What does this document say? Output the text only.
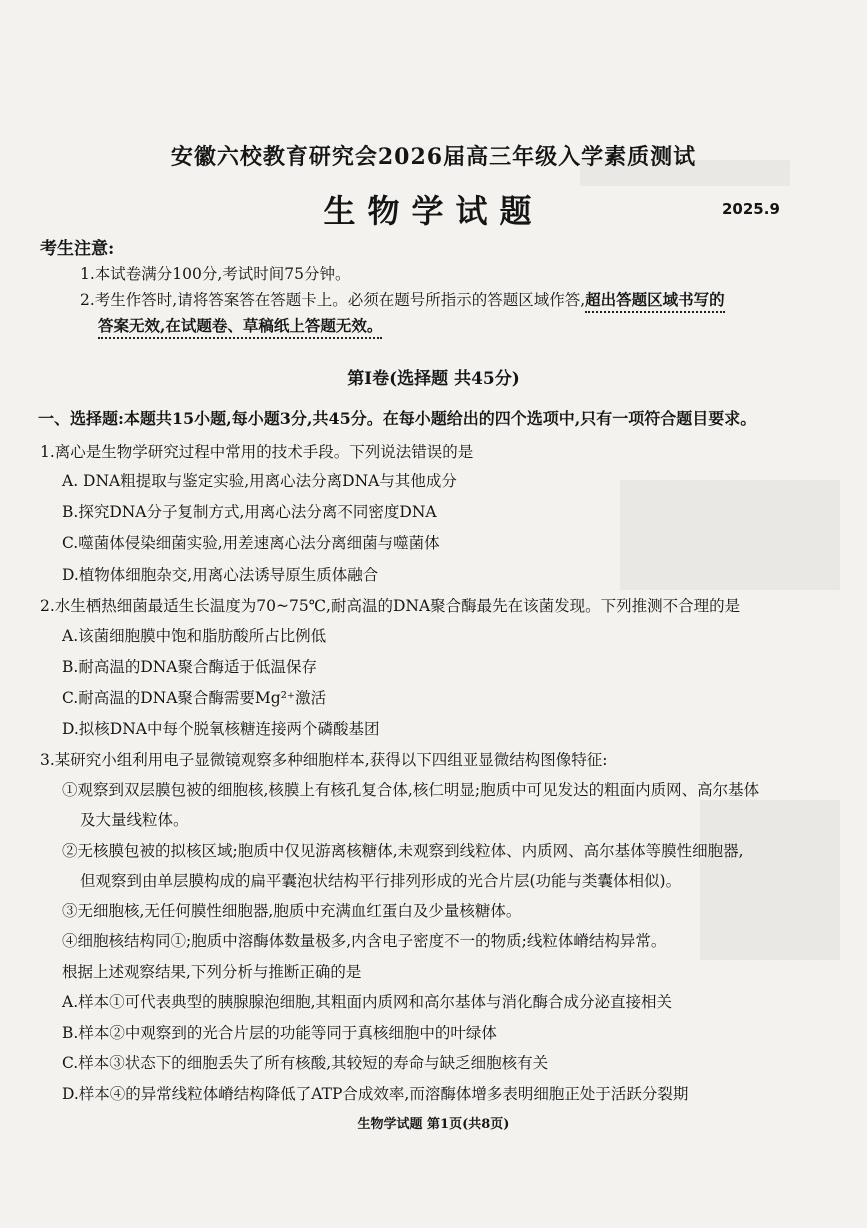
安徽六校教育研究会2026届高三年级入学素质测试
生物学试题	2025.9
考生注意:
1.本试卷满分100分,考试时间75分钟。
2.考生作答时,请将答案答在答题卡上。必须在题号所指示的答题区域作答,超出答题区域书写的
答案无效,在试题卷、草稿纸上答题无效。
第Ⅰ卷(选择题 共45分)
一、选择题:本题共15小题,每小题3分,共45分。在每小题给出的四个选项中,只有一项符合题目要求。
1.离心是生物学研究过程中常用的技术手段。下列说法错误的是
A. DNA粗提取与鉴定实验,用离心法分离DNA与其他成分
B.探究DNA分子复制方式,用离心法分离不同密度DNA
C.噬菌体侵染细菌实验,用差速离心法分离细菌与噬菌体
D.植物体细胞杂交,用离心法诱导原生质体融合
2.水生栖热细菌最适生长温度为70~75℃,耐高温的DNA聚合酶最先在该菌发现。下列推测不合理的是
A.该菌细胞膜中饱和脂肪酸所占比例低
B.耐高温的DNA聚合酶适于低温保存
C.耐高温的DNA聚合酶需要Mg²⁺激活
D.拟核DNA中每个脱氧核糖连接两个磷酸基团
3.某研究小组利用电子显微镜观察多种细胞样本,获得以下四组亚显微结构图像特征:
①观察到双层膜包被的细胞核,核膜上有核孔复合体,核仁明显;胞质中可见发达的粗面内质网、高尔基体
及大量线粒体。
②无核膜包被的拟核区域;胞质中仅见游离核糖体,未观察到线粒体、内质网、高尔基体等膜性细胞器,
但观察到由单层膜构成的扁平囊泡状结构平行排列形成的光合片层(功能与类囊体相似)。
③无细胞核,无任何膜性细胞器,胞质中充满血红蛋白及少量核糖体。
④细胞核结构同①;胞质中溶酶体数量极多,内含电子密度不一的物质;线粒体嵴结构异常。
根据上述观察结果,下列分析与推断正确的是
A.样本①可代表典型的胰腺腺泡细胞,其粗面内质网和高尔基体与消化酶合成分泌直接相关
B.样本②中观察到的光合片层的功能等同于真核细胞中的叶绿体
C.样本③状态下的细胞丢失了所有核酸,其较短的寿命与缺乏细胞核有关
D.样本④的异常线粒体嵴结构降低了ATP合成效率,而溶酶体增多表明细胞正处于活跃分裂期
生物学试题 第1页(共8页)
